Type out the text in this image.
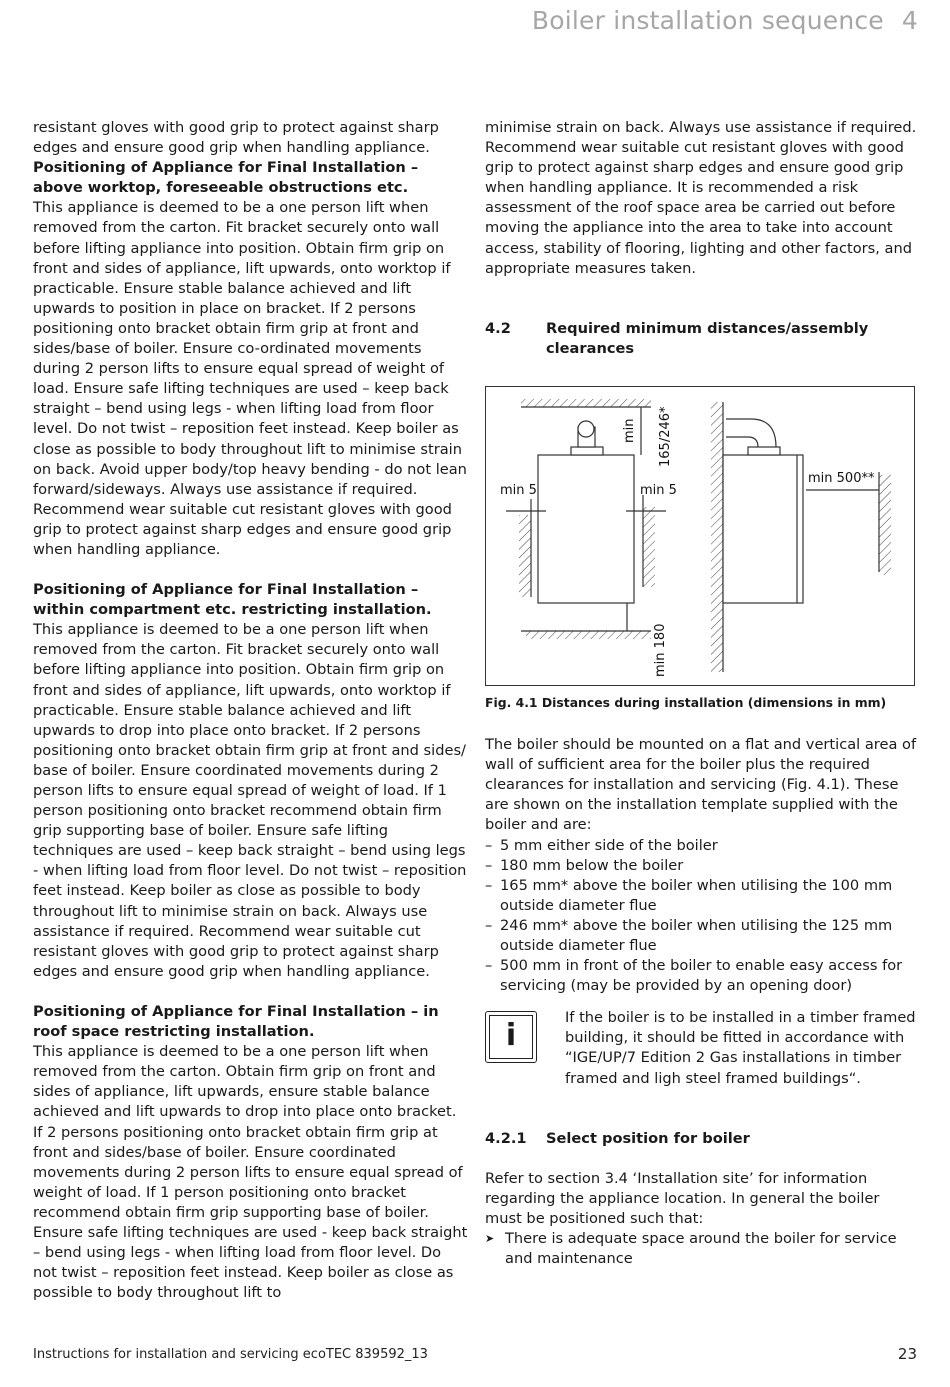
Boiler installation sequence 4

resistant gloves with good grip to protect against sharp edges and ensure good grip when handling appliance.

Positioning of Appliance for Final Installation – above worktop, foreseeable obstructions etc.

This appliance is deemed to be a one person lift when removed from the carton. Fit bracket securely onto wall before lifting appliance into position. Obtain firm grip on front and sides of appliance, lift upwards, onto worktop if practicable. Ensure stable balance achieved and lift upwards to position in place on bracket. If 2 persons positioning onto bracket obtain firm grip at front and sides/base of boiler. Ensure co-ordinated movements during 2 person lifts to ensure equal spread of weight of load. Ensure safe lifting techniques are used – keep back straight – bend using legs - when lifting load from floor level. Do not twist – reposition feet instead. Keep boiler as close as possible to body throughout lift to minimise strain on back. Avoid upper body/top heavy bending - do not lean forward/sideways. Always use assistance if required. Recommend wear suitable cut resistant gloves with good grip to protect against sharp edges and ensure good grip when handling appliance.

Positioning of Appliance for Final Installation – within compartment etc. restricting installation.

This appliance is deemed to be a one person lift when removed from the carton. Fit bracket securely onto wall before lifting appliance into position. Obtain firm grip on front and sides of appliance, lift upwards, onto worktop if practicable. Ensure stable balance achieved and lift upwards to drop into place onto bracket. If 2 persons positioning onto bracket obtain firm grip at front and sides/ base of boiler. Ensure coordinated movements during 2 person lifts to ensure equal spread of weight of load. If 1 person positioning onto bracket recommend obtain firm grip supporting base of boiler. Ensure safe lifting techniques are used – keep back straight – bend using legs - when lifting load from floor level. Do not twist – reposition feet instead. Keep boiler as close as possible to body throughout lift to minimise strain on back. Always use assistance if required. Recommend wear suitable cut resistant gloves with good grip to protect against sharp edges and ensure good grip when handling appliance.

Positioning of Appliance for Final Installation – in roof space restricting installation.

This appliance is deemed to be a one person lift when removed from the carton. Obtain firm grip on front and sides of appliance, lift upwards, ensure stable balance achieved and lift upwards to drop into place onto bracket. If 2 persons positioning onto bracket obtain firm grip at front and sides/base of boiler. Ensure coordinated movements during 2 person lifts to ensure equal spread of weight of load. If 1 person positioning onto bracket recommend obtain firm grip supporting base of boiler. Ensure safe lifting techniques are used - keep back straight – bend using legs - when lifting load from floor level. Do not twist – reposition feet instead. Keep boiler as close as possible to body throughout lift to

minimise strain on back. Always use assistance if required. Recommend wear suitable cut resistant gloves with good grip to protect against sharp edges and ensure good grip when handling appliance. It is recommended a risk assessment of the roof space area be carried out before moving the appliance into the area to take into account access, stability of flooring, lighting and other factors, and appropriate measures taken.

4.2	Required minimum distances/assembly clearances
min 5	min 5
min 500**
min 165/246*
min 180

Fig. 4.1 Distances during installation (dimensions in mm)

The boiler should be mounted on a flat and vertical area of wall of sufficient area for the boiler plus the required clearances for installation and servicing (Fig. 4.1). These are shown on the installation template supplied with the boiler and are:

– 5 mm either side of the boiler
– 180 mm below the boiler
– 165 mm* above the boiler when utilising the 100 mm outside diameter flue
– 246 mm* above the boiler when utilising the 125 mm outside diameter flue
– 500 mm in front of the boiler to enable easy access for servicing (may be provided by an opening door)
i

If the boiler is to be installed in a timber framed building, it should be fitted in accordance with “IGE/UP/7 Edition 2 Gas installations in timber framed and ligh steel framed buildings“.

4.2.1	Select position for boiler

Refer to section 3.4 ‘Installation site’ for information regarding the appliance location. In general the boiler must be positioned such that:

➤ There is adequate space around the boiler for service and maintenance
Instructions for installation and servicing ecoTEC 839592_13	23
